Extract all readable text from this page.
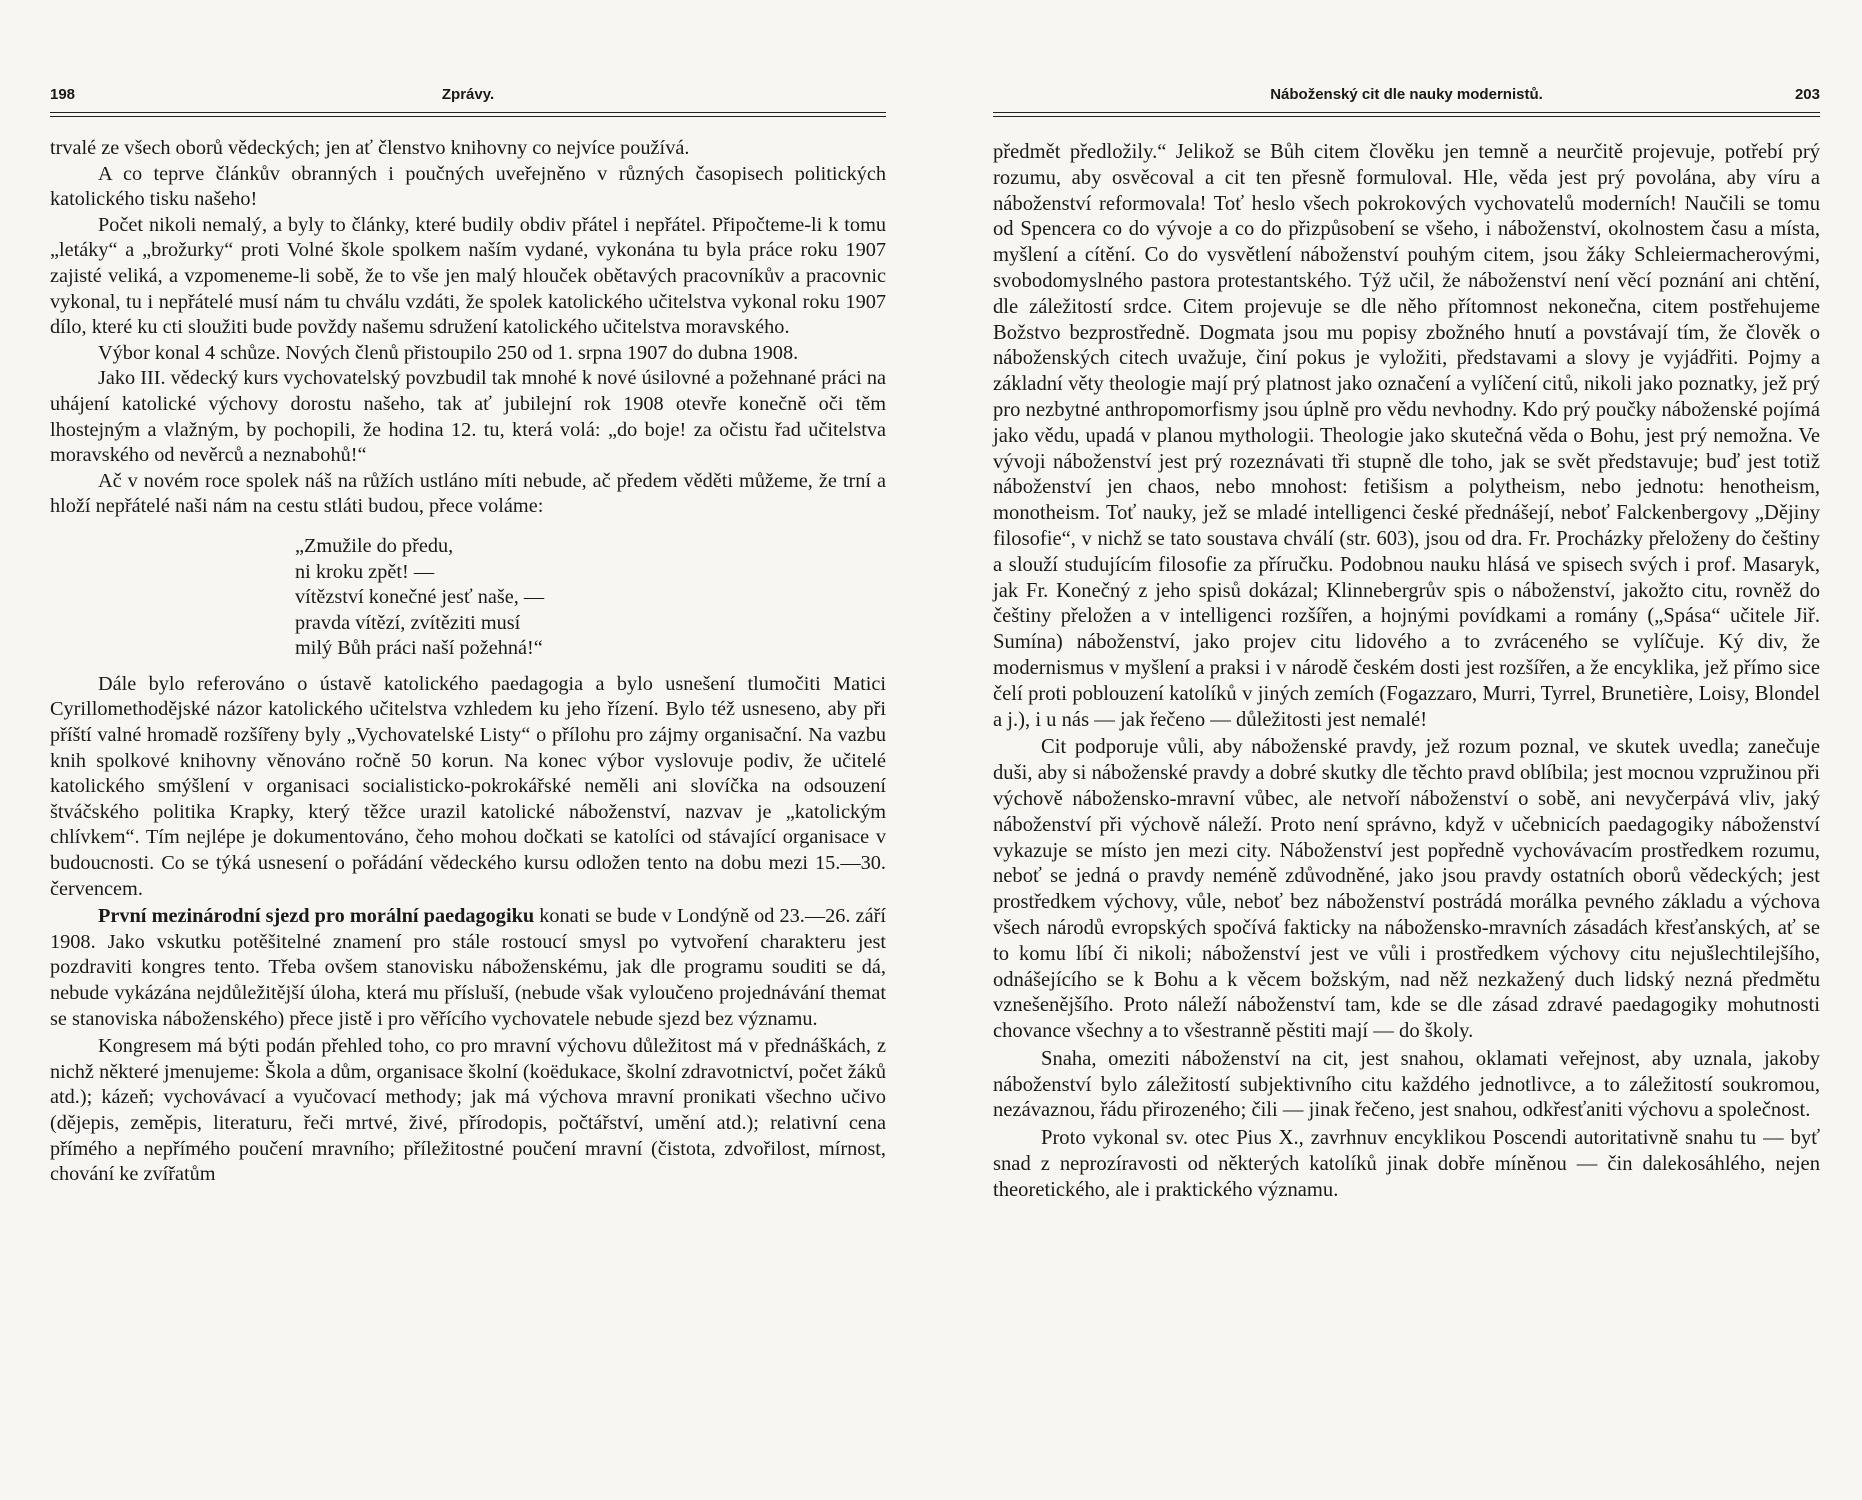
198	Zprávy.

trvalé ze všech oborů vědeckých; jen ať členstvo knihovny co nejvíce používá.

A co teprve článkův obranných i poučných uveřejněno v různých časopisech politických katolického tisku našeho!

Počet nikoli nemalý, a byly to články, které budily obdiv přátel i nepřátel. Připočteme-li k tomu „letáky“ a „brožurky“ proti Volné škole spolkem naším vydané, vykonána tu byla práce roku 1907 zajisté veliká, a vzpomeneme-li sobě, že to vše jen malý hlouček obětavých pracovníkův a pracovnic vykonal, tu i nepřátelé musí nám tu chválu vzdáti, že spolek katolického učitelstva vykonal roku 1907 dílo, které ku cti sloužiti bude povždy našemu sdružení katolického učitelstva moravského.

Výbor konal 4 schůze. Nových členů přistoupilo 250 od 1. srpna 1907 do dubna 1908.

Jako III. vědecký kurs vychovatelský povzbudil tak mnohé k nové úsilovné a požehnané práci na uhájení katolické výchovy dorostu našeho, tak ať jubilejní rok 1908 otevře konečně oči těm lhostejným a vlažným, by pochopili, že hodina 12. tu, která volá: „do boje! za očistu řad učitelstva moravského od nevěrců a neznabohů!“

Ač v novém roce spolek náš na růžích ustláno míti nebude, ač předem věděti můžeme, že trní a hloží nepřátelé naši nám na cestu stláti budou, přece voláme:

„Zmužile do předu,
ni kroku zpět! —
vítězství konečné jesť naše, —
pravda vítězí, zvítěziti musí
milý Bůh práci naší požehná!“

Dále bylo referováno o ústavě katolického paedagogia a bylo usnešení tlumočiti Matici Cyrillomethodějské názor katolického učitelstva vzhledem ku jeho řízení. Bylo též usneseno, aby při příští valné hromadě rozšířeny byly „Vychovatelské Listy“ o přílohu pro zájmy organisační. Na vazbu knih spolkové knihovny věnováno ročně 50 korun. Na konec výbor vyslovuje podiv, že učitelé katolického smýšlení v organisaci socialisticko-pokrokářské neměli ani slovíčka na odsouzení štváčského politika Krapky, který těžce urazil katolické náboženství, nazvav je „katolickým chlívkem“. Tím nejlépe je dokumentováno, čeho mohou dočkati se katolíci od stávající organisace v budoucnosti. Co se týká usnesení o pořádání vědeckého kursu odložen tento na dobu mezi 15.—30. červencem.

První mezinárodní sjezd pro morální paedagogiku konati se bude v Londýně od 23.—26. září 1908. Jako vskutku potěšitelné znamení pro stále rostoucí smysl po vytvoření charakteru jest pozdraviti kongres tento. Třeba ovšem stanovisku náboženskému, jak dle programu souditi se dá, nebude vykázána nejdůležitější úloha, která mu přísluší, (nebude však vyloučeno projednávání themat se stanoviska náboženského) přece jistě i pro věřícího vychovatele nebude sjezd bez významu.

Kongresem má býti podán přehled toho, co pro mravní výchovu důležitost má v přednáškách, z nichž některé jmenujeme: Škola a dům, organisace školní (koëdukace, školní zdravotnictví, počet žáků atd.); kázeň; vychovávací a vyučovací methody; jak má výchova mravní pronikati všechno učivo (dějepis, zeměpis, literaturu, řeči mrtvé, živé, přírodopis, počtářství, umění atd.); relativní cena přímého a nepřímého poučení mravního; příležitostné poučení mravní (čistota, zdvořilost, mírnost, chování ke zvířatům

Náboženský cit dle nauky modernistů.	203

předmět předložily.“ Jelikož se Bůh citem člověku jen temně a neurčitě projevuje, potřebí prý rozumu, aby osvěcoval a cit ten přesně formuloval. Hle, věda jest prý povolána, aby víru a náboženství reformovala! Toť heslo všech pokrokových vychovatelů moderních! Naučili se tomu od Spencera co do vývoje a co do přizpůsobení se všeho, i náboženství, okolnostem času a místa, myšlení a cítění. Co do vysvětlení náboženství pouhým citem, jsou žáky Schleiermacherovými, svobodomyslného pastora protestantského. Týž učil, že náboženství není věcí poznání ani chtění, dle záležitostí srdce. Citem projevuje se dle něho přítomnost nekonečna, citem postřehujeme Božstvo bezprostředně. Dogmata jsou mu popisy zbožného hnutí a povstávají tím, že člověk o náboženských citech uvažuje, činí pokus je vyložiti, představami a slovy je vyjádřiti. Pojmy a základní věty theologie mají prý platnost jako označení a vylíčení citů, nikoli jako poznatky, jež prý pro nezbytné anthropomorfismy jsou úplně pro vědu nevhodny. Kdo prý poučky náboženské pojímá jako vědu, upadá v planou mythologii. Theologie jako skutečná věda o Bohu, jest prý nemožna. Ve vývoji náboženství jest prý rozeznávati tři stupně dle toho, jak se svět představuje; buď jest totiž náboženství jen chaos, nebo mnohost: fetišism a polytheism, nebo jednotu: henotheism, monotheism. Toť nauky, jež se mladé intelligenci české přednášejí, neboť Falckenbergovy „Dějiny filosofie“, v nichž se tato soustava chválí (str. 603), jsou od dra. Fr. Procházky přeloženy do češtiny a slouží studujícím filosofie za příručku. Podobnou nauku hlásá ve spisech svých i prof. Masaryk, jak Fr. Konečný z jeho spisů dokázal; Klinnebergrův spis o náboženství, jakožto citu, rovněž do češtiny přeložen a v intelligenci rozšířen, a hojnými povídkami a romány („Spása“ učitele Jiř. Sumína) náboženství, jako projev citu lidového a to zvráceného se vylíčuje. Ký div, že modernismus v myšlení a praksi i v národě českém dosti jest rozšířen, a že encyklika, jež přímo sice čelí proti poblouzení katolíků v jiných zemích (Fogazzaro, Murri, Tyrrel, Brunetière, Loisy, Blondel a j.), i u nás — jak řečeno — důležitosti jest nemalé!

Cit podporuje vůli, aby náboženské pravdy, jež rozum poznal, ve skutek uvedla; zanečuje duši, aby si náboženské pravdy a dobré skutky dle těchto pravd oblíbila; jest mocnou vzpružinou při výchově nábožensko-mravní vůbec, ale netvoří náboženství o sobě, ani nevyčerpává vliv, jaký náboženství při výchově náleží. Proto není správno, když v učebnicích paedagogiky náboženství vykazuje se místo jen mezi city. Náboženství jest popředně vychovávacím prostředkem rozumu, neboť se jedná o pravdy neméně zdůvodněné, jako jsou pravdy ostatních oborů vědeckých; jest prostředkem výchovy, vůle, neboť bez náboženství postrádá morálka pevného základu a výchova všech národů evropských spočívá fakticky na nábožensko-mravních zásadách křesťanských, ať se to komu líbí či nikoli; náboženství jest ve vůli i prostředkem výchovy citu nejušlechtilejšího, odnášejícího se k Bohu a k věcem božským, nad něž nezkažený duch lidský nezná předmětu vznešenějšího. Proto náleží náboženství tam, kde se dle zásad zdravé paedagogiky mohutnosti chovance všechny a to všestranně pěstiti mají — do školy.

Snaha, omeziti náboženství na cit, jest snahou, oklamati veřejnost, aby uznala, jakoby náboženství bylo záležitostí subjektivního citu každého jednotlivce, a to záležitostí soukromou, nezávaznou, řádu přirozeného; čili — jinak řečeno, jest snahou, odkřesťaniti výchovu a společnost.

Proto vykonal sv. otec Pius X., zavrhnuv encyklikou Poscendi autoritativně snahu tu — byť snad z neprozíravosti od některých katolíků jinak dobře míněnou — čin dalekosáhlého, nejen theoretického, ale i praktického významu.
